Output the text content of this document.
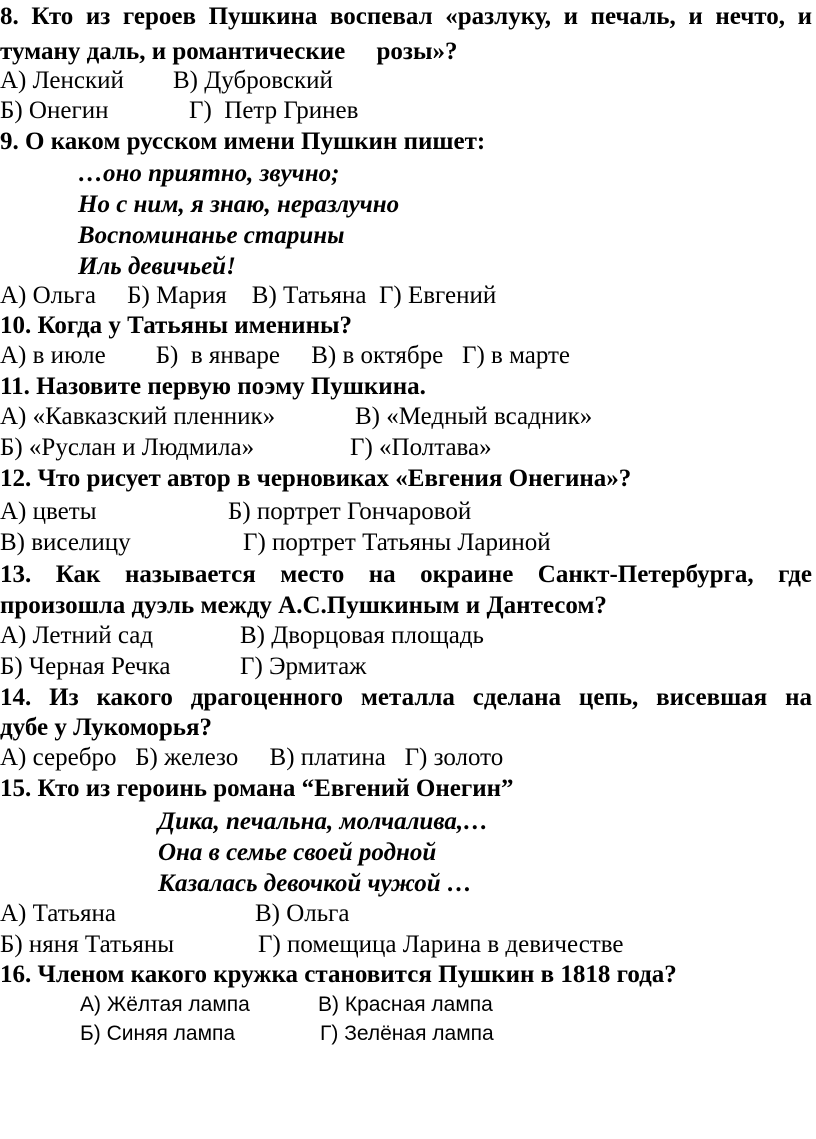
8. Кто из героев Пушкина воспевал «разлуку, и печаль, и нечто, и
туману даль, и романтические     розы»?

А) Ленский

В) Дубровский

Б) Онегин

	Г)  Петр Гринев

9. О каком русском имени Пушкин пишет:
…оно приятно, звучно;
Но с ним, я знаю, неразлучно
Воспоминанье старины
Иль девичьей!
А) Ольга     Б) Мария    В) Татьяна  Г) Евгений
10. Когда у Татьяны именины?
А) в июле        Б)  в январе     В) в октябре   Г) в марте
11. Назовите первую поэму Пушкина.

А) «Кавказский пленник»

	В) «Медный всадник»

Б) «Руслан и Людмила»

	Г) «Полтава»

12. Что рисует автор в черновиках «Евгения Онегина»?

А) цветы

	Б) портрет Гончаровой

В) виселицу

	Г) портрет Татьяны Лариной

13. Как называется место на окраине Санкт-Петербурга, где
произошла дуэль между А.С.Пушкиным и Дантесом?

А) Летний сад

	В) Дворцовая площадь

Б) Черная Речка

	Г) Эрмитаж

14. Из какого драгоценного металла сделана цепь, висевшая на
дубе у Лукоморья?
А) серебро   Б) железо     В) платина   Г) золото
15. Кто из героинь романа “Евгений Онегин”
Дика, печальна, молчалива,…
Она в семье своей родной
Казалась девочкой чужой …

А) Татьяна

	В) Ольга

Б) няня Татьяны

	Г) помещица Ларина в девичестве

16. Членом какого кружка становится Пушкин в 1818 года?

А) Жёлтая лампа

	В) Красная лампа

Б) Синяя лампа

	Г) Зелёная лампа
